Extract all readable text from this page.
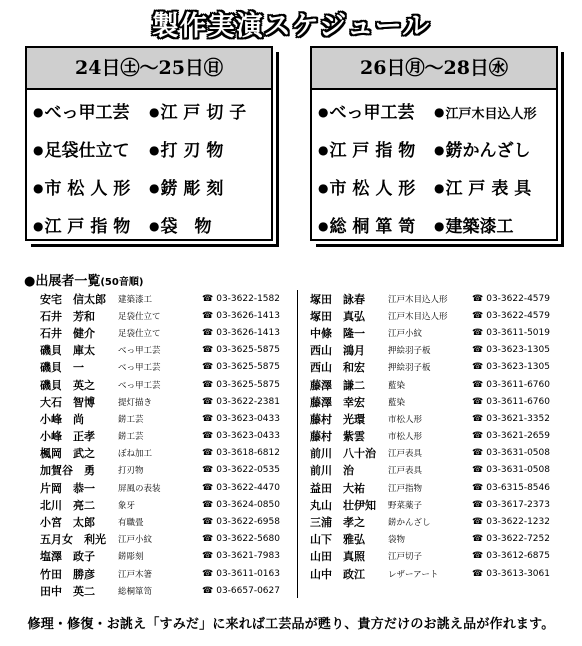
製作実演スケジュール
24日㊏～25日㊐
●べっ甲工芸	●江 戸 切 子
●足袋仕立て	●打 刃 物
●市 松 人 形	●錺 彫 刻
●江 戸 指 物	●袋　物
26日㊊～28日㊌
●べっ甲工芸	●江戸木目込人形
●江 戸 指 物	●錺かんざし
●市 松 人 形	●江 戸 表 具
●総 桐 箪 笥	●建築漆工
●出展者一覧(50音順)
安宅　信太郎	建築漆工	☎ 03-3622-1582
石井　芳和	足袋仕立て	☎ 03-3626-1413
石井　健介	足袋仕立て	☎ 03-3626-1413
磯貝　庫太	べっ甲工芸	☎ 03-3625-5875
磯貝　一	べっ甲工芸	☎ 03-3625-5875
磯貝　英之	べっ甲工芸	☎ 03-3625-5875
大石　智博	提灯描き	☎ 03-3622-2381
小峰　尚	錺工芸	☎ 03-3623-0433
小峰　正孝	錺工芸	☎ 03-3623-0433
楓岡　武之	ぼね加工	☎ 03-3618-6812
加賀谷　勇	打刃物	☎ 03-3622-0535
片岡　恭一	屏風の表装	☎ 03-3622-4470
北川　亮二	象牙	☎ 03-3624-0850
小宮　太郎	有職畳	☎ 03-3622-6958
五月女　利光	江戸小紋	☎ 03-3622-5680
塩澤　政子	錺彫刻	☎ 03-3621-7983
竹田　勝彦	江戸木箸	☎ 03-3611-0163
田中　英二	総桐箪笥	☎ 03-6657-0627
塚田　詠春	江戸木目込人形	☎ 03-3622-4579
塚田　真弘	江戸木目込人形	☎ 03-3622-4579
中條　隆一	江戸小紋	☎ 03-3611-5019
西山　鴻月	押絵羽子板	☎ 03-3623-1305
西山　和宏	押絵羽子板	☎ 03-3623-1305
藤澤　謙二	藍染	☎ 03-3611-6760
藤澤　幸宏	藍染	☎ 03-3611-6760
藤村　光環	市松人形	☎ 03-3621-3352
藤村　紫雲	市松人形	☎ 03-3621-2659
前川　八十治	江戸表具	☎ 03-3631-0508
前川　治	江戸表具	☎ 03-3631-0508
益田　大祐	江戸指物	☎ 03-6315-8546
丸山　壮伊知	野菜薬子	☎ 03-3617-2373
三浦　孝之	錺かんざし	☎ 03-3622-1232
山下　雅弘	袋物	☎ 03-3622-7252
山田　真照	江戸切子	☎ 03-3612-6875
山中　政江	レザーアート	☎ 03-3613-3061
修理・修復・お誂え「すみだ」に来れば工芸品が甦り、貴方だけのお誂え品が作れます。
